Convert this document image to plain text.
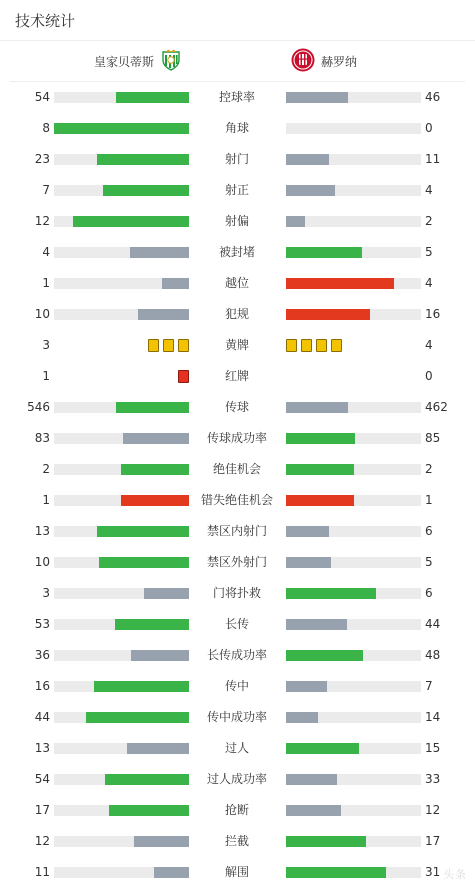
技术统计
皇家贝蒂斯	赫罗纳
54	控球率	46
8	角球	0
23	射门	11
7	射正	4
12	射偏	2
4	被封堵	5
1	越位	4
10	犯规	16
3	黄牌	4
1	红牌	0
546	传球	462
83	传球成功率	85
2	绝佳机会	2
1	错失绝佳机会	1
13	禁区内射门	6
10	禁区外射门	5
3	门将扑救	6
53	长传	44
36	长传成功率	48
16	传中	7
44	传中成功率	14
13	过人	15
54	过人成功率	33
17	抢断	12
12	拦截	17
11	解围	31 头条
